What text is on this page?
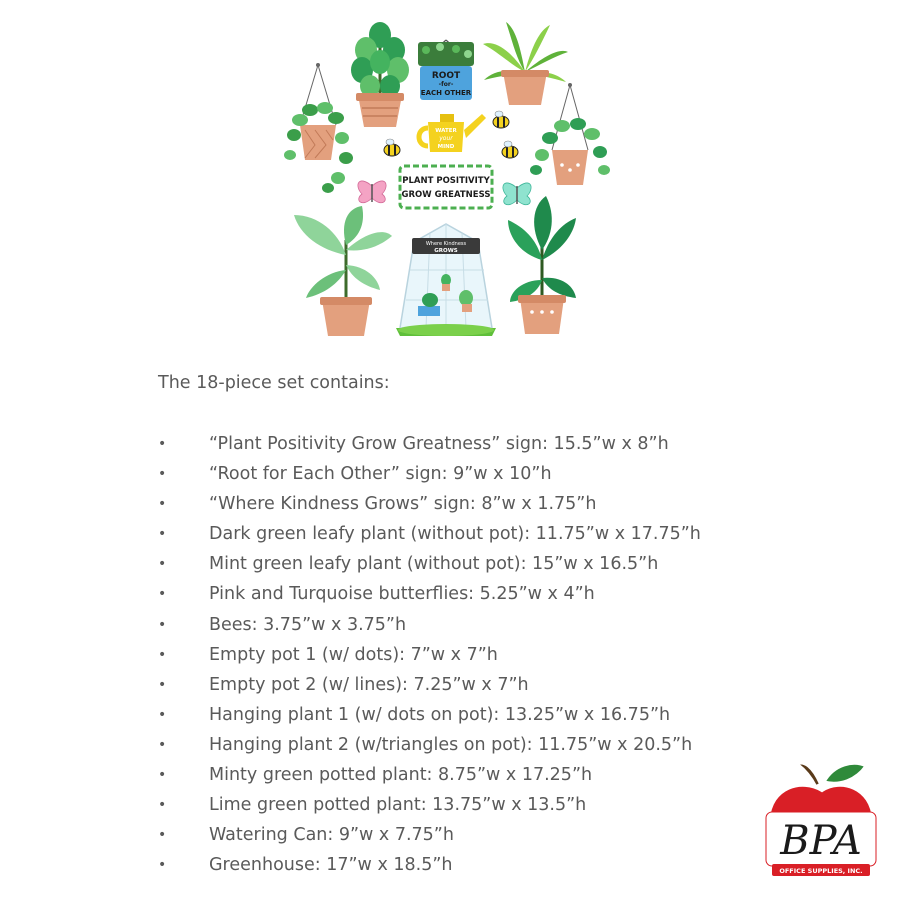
ROOT
-for-
EACH OTHER
WATER
your
MIND
PLANT POSITIVITY
GROW GREATNESS
Where Kindness
GROWS

The 18-piece set contains:

• “Plant Positivity Grow Greatness” sign: 15.5”w x 8”h
• “Root for Each Other” sign: 9”w x 10”h
• “Where Kindness Grows” sign: 8”w x 1.75”h
• Dark green leafy plant (without pot): 11.75”w x 17.75”h
• Mint green leafy plant (without pot): 15”w x 16.5”h
• Pink and Turquoise butterflies: 5.25”w x 4”h
• Bees: 3.75”w x 3.75”h
• Empty pot 1 (w/ dots): 7”w x 7”h
• Empty pot 2 (w/ lines): 7.25”w x 7”h
• Hanging plant 1 (w/ dots on pot): 13.25”w x 16.75”h
• Hanging plant 2 (w/triangles on pot): 11.75”w x 20.5”h
• Minty green potted plant: 8.75”w x 17.25”h
• Lime green potted plant: 13.75”w x 13.5”h
• Watering Can: 9”w x 7.75”h
• Greenhouse: 17”w x 18.5”h
BPA
OFFICE SUPPLIES, INC.
